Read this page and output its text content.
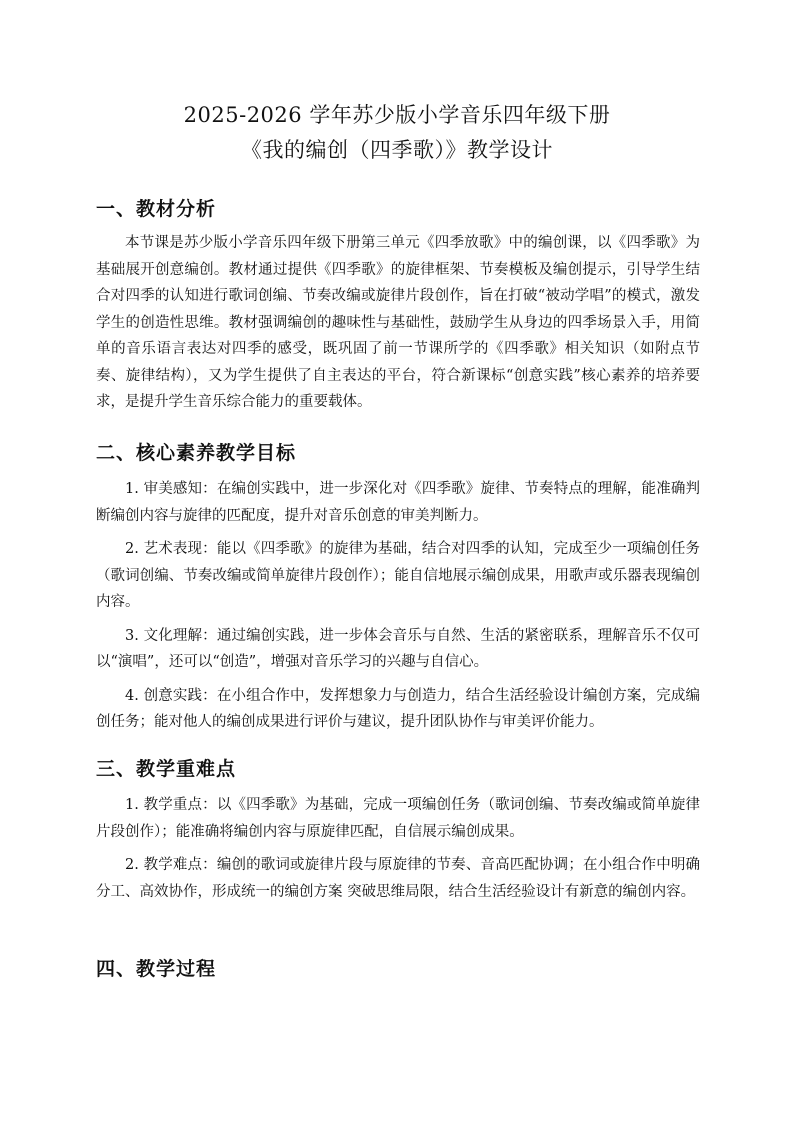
2025-2026 学年苏少版小学音乐四年级下册
《我的编创（四季歌）》教学设计
一、教材分析

本节课是苏少版小学音乐四年级下册第三单元《四季放歌》中的编创课，以《四季歌》为基础展开创意编创。教材通过提供《四季歌》的旋律框架、节奏模板及编创提示，引导学生结合对四季的认知进行歌词创编、节奏改编或旋律片段创作，旨在打破“被动学唱”的模式，激发学生的创造性思维。教材强调编创的趣味性与基础性，鼓励学生从身边的四季场景入手，用简单的音乐语言表达对四季的感受，既巩固了前一节课所学的《四季歌》相关知识（如附点节奏、旋律结构），又为学生提供了自主表达的平台，符合新课标“创意实践”核心素养的培养要求，是提升学生音乐综合能力的重要载体。

二、核心素养教学目标

1. 审美感知：在编创实践中，进一步深化对《四季歌》旋律、节奏特点的理解，能准确判断编创内容与旋律的匹配度，提升对音乐创意的审美判断力。

2. 艺术表现：能以《四季歌》的旋律为基础，结合对四季的认知，完成至少一项编创任务（歌词创编、节奏改编或简单旋律片段创作）；能自信地展示编创成果，用歌声或乐器表现编创内容。

3. 文化理解：通过编创实践，进一步体会音乐与自然、生活的紧密联系，理解音乐不仅可以“演唱”，还可以“创造”，增强对音乐学习的兴趣与自信心。

4. 创意实践：在小组合作中，发挥想象力与创造力，结合生活经验设计编创方案，完成编创任务；能对他人的编创成果进行评价与建议，提升团队协作与审美评价能力。

三、教学重难点

1. 教学重点：以《四季歌》为基础，完成一项编创任务（歌词创编、节奏改编或简单旋律片段创作）；能准确将编创内容与原旋律匹配，自信展示编创成果。

2. 教学难点：编创的歌词或旋律片段与原旋律的节奏、音高匹配协调；在小组合作中明确分工、高效协作，形成统一的编创方案 突破思维局限，结合生活经验设计有新意的编创内容。

四、教学过程
